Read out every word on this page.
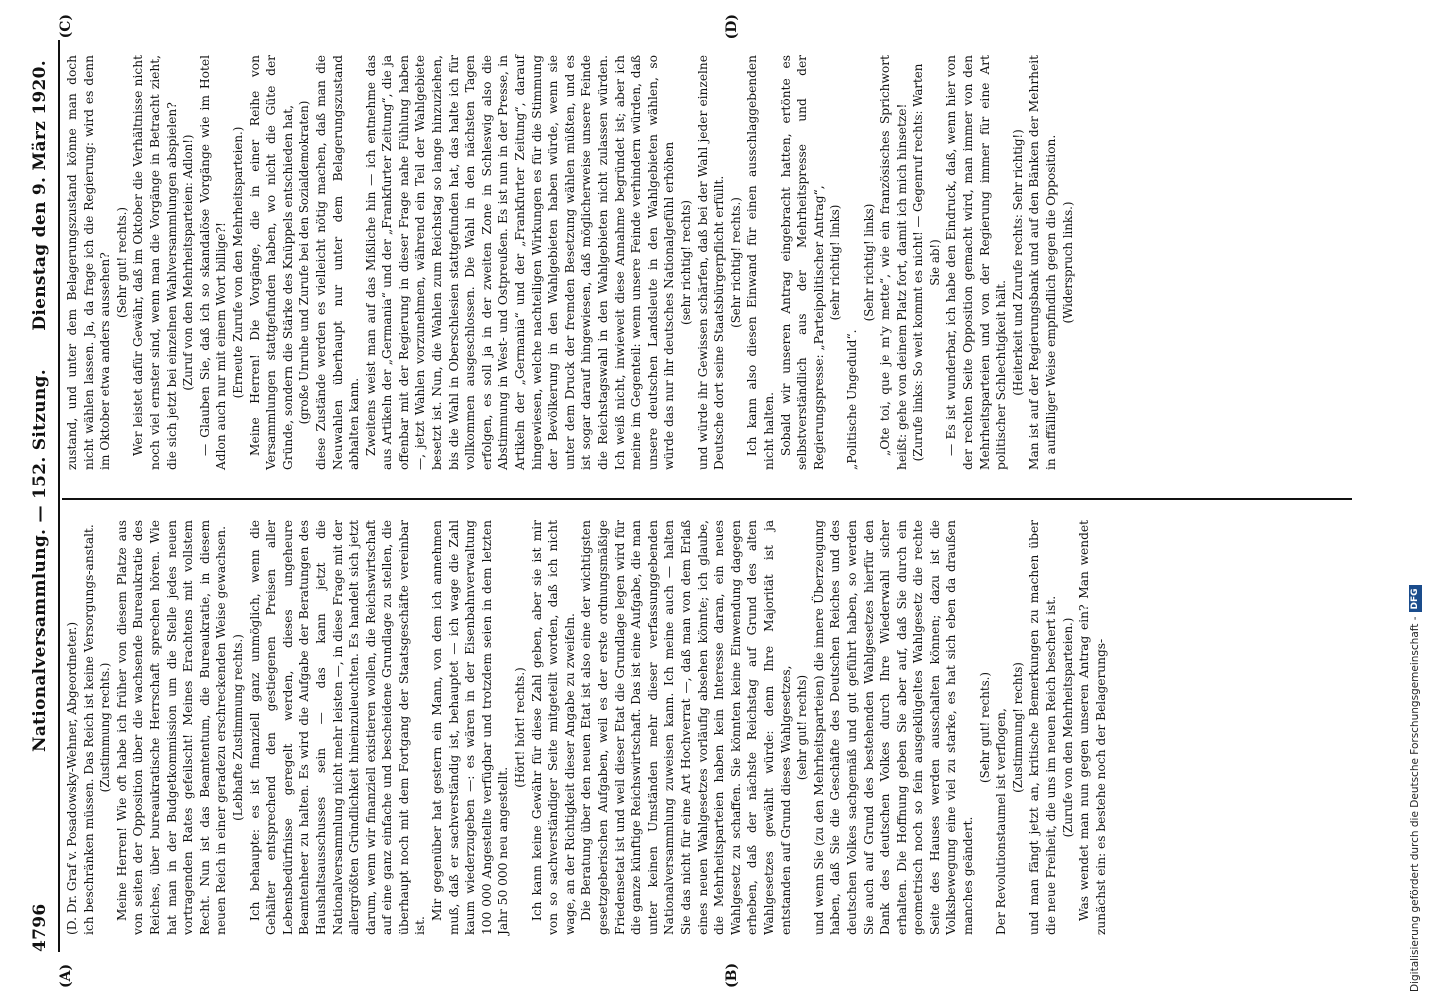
4796
Nationalversammlung. — 152. Sitzung.
Dienstag den 9. März 1920.
(A)	(B)
(C)	(D)

(D. Dr. Graf v. Posadowsky-Wehner, Abgeordneter.) ich beschränken müssen. Das Reich ist keine Versorgungs-anstalt. (Zustimmung rechts.) Meine Herren! Wie oft habe ich früher von diesem Platze aus von seiten der Opposition über die wachsende Bureaukratie des Reiches, über bureaukratische Herrschaft sprechen hören. Wie hat man in der Budgetkommission um die Stelle jedes neuen vortragenden Rates gefeilscht! Meines Erachtens mit vollstem Recht. Nun ist das Beamtentum, die Bureaukratie, in diesem neuen Reich in einer geradezu erschreckenden Weise gewachsen. (Lebhafte Zustimmung rechts.) Ich behaupte: es ist finanziell ganz unmöglich, wenn die Gehälter entsprechend den gestiegenen Preisen aller Lebensbedürfnisse geregelt werden, dieses ungeheure Beamtenheer zu halten. Es wird die Aufgabe der Beratungen des Haushaltsausschusses sein — das kann jetzt die Nationalversammlung nicht mehr leisten —, in diese Frage mit der allergrößten Gründlichkeit hineinzuleuchten. Es handelt sich jetzt darum, wenn wir finanziell existieren wollen, die Reichswirtschaft auf eine ganz einfache und bescheidene Grundlage zu stellen, die überhaupt noch mit dem Fortgang der Staatsgeschäfte vereinbar ist.

Mir gegenüber hat gestern ein Mann, von dem ich annehmen muß, daß er sachverständig ist, behauptet — ich wage die Zahl kaum wiederzugeben —: es wären in der Eisenbahnverwaltung 100 000 Angestellte verfügbar und trotzdem seien in dem letzten Jahr 50 000 neu angestellt.

(Hört! hört! rechts.) Ich kann keine Gewähr für diese Zahl geben, aber sie ist mir von so sachverständiger Seite mitgeteilt worden, daß ich nicht wage, an der Richtigkeit dieser Angabe zu zweifeln. Die Beratung über den neuen Etat ist also eine der wichtigsten gesetzgeberischen Aufgaben, weil es der erste ordnungsmäßige Friedensetat ist und weil dieser Etat die Grundlage legen wird für die ganze künftige Reichswirtschaft. Das ist eine Aufgabe, die man unter keinen Umständen mehr dieser verfassunggebenden Nationalversammlung zuweisen kann. Ich meine auch — halten Sie das nicht für eine Art Hochverrat —, daß man von dem Erlaß eines neuen Wahlgesetzes vorläufig absehen könnte; ich glaube, die Mehrheitsparteien haben kein Interesse daran, ein neues Wahlgesetz zu schaffen. Sie könnten keine Einwendung dagegen erheben, daß der nächste Reichstag auf Grund des alten Wahlgesetzes gewählt würde: denn Ihre Majorität ist ja entstanden auf Grund dieses Wahlgesetzes, (sehr gut! rechts) und wenn Sie (zu den Mehrheitsparteien) die innere Überzeugung haben, daß Sie die Geschäfte des Deutschen Reiches und des deutschen Volkes sachgemäß und gut geführt haben, so werden Sie auch auf Grund des bestehenden Wahlgesetzes hierfür den Dank des deutschen Volkes durch Ihre Wiederwahl sicher erhalten. Die Hoffnung geben Sie aber auf, daß Sie durch ein geometrisch noch so fein ausgeklügeltes Wahlgesetz die rechte Seite des Hauses werden ausschalten können; dazu ist die Volksbewegung eine viel zu starke, es hat sich eben da draußen manches geändert.

(Sehr gut! rechts.) Der Revolutionstaumel ist verflogen, (Zustimmung! rechts) und man fängt jetzt an, kritische Bemerkungen zu machen über die neue Freiheit, die uns im neuen Reich beschert ist. (Zurufe von den Mehrheitsparteien.) Was wendet man nun gegen unseren Antrag ein? Man wendet zunächst ein: es bestehe noch der Belagerungs-

zustand, und unter dem Belagerungszustand könne man doch nicht wählen lassen. Ja, da frage ich die Regierung: wird es denn im Oktober etwa anders aussehen? (Sehr gut! rechts.) Wer leistet dafür Gewähr, daß im Oktober die Verhältnisse nicht noch viel ernster sind, wenn man die Vorgänge in Betracht zieht, die sich jetzt bei einzelnen Wahlversammlungen abspielen? (Zuruf von den Mehrheitsparteien: Adlon!) — Glauben Sie, daß ich so skandalöse Vorgänge wie im Hotel Adlon auch nur mit einem Wort billige?! (Erneute Zurufe von den Mehrheitsparteien.) Meine Herren! Die Vorgänge, die in einer Reihe von Versammlungen stattgefunden haben, wo nicht die Güte der Gründe, sondern die Stärke des Knüppels entschieden hat, (große Unruhe und Zurufe bei den Sozialdemokraten) diese Zustände werden es vielleicht nötig machen, daß man die Neuwahlen überhaupt nur unter dem Belagerungszustand abhalten kann. Zweitens weist man auf das Mißliche hin — ich entnehme das aus Artikeln der „Germania“ und der „Frankfurter Zeitung“, die ja offenbar mit der Regierung in dieser Frage nahe Fühlung haben —, jetzt Wahlen vorzunehmen, während ein Teil der Wahlgebiete besetzt ist. Nun, die Wahlen zum Reichstag so lange hinzuziehen, bis die Wahl in Oberschlesien stattgefunden hat, das halte ich für vollkommen ausgeschlossen. Die Wahl in den nächsten Tagen erfolgen, es soll ja in der zweiten Zone in Schleswig also die Abstimmung in West- und Ostpreußen. Es ist nun in der Presse, in Artikeln der „Germania“ und der „Frankfurter Zeitung“, darauf hingewiesen, welche nachteiligen Wirkungen es für die Stimmung der Bevölkerung in den Wahlgebieten haben würde, wenn sie unter dem Druck der fremden Besetzung wählen müßten, und es ist sogar darauf hingewiesen, daß möglicherweise unsere Feinde die Reichstagswahl in den Wahlgebieten nicht zulassen würden. Ich weiß nicht, inwieweit diese Annahme begründet ist; aber ich meine im Gegenteil: wenn unsere Feinde verhindern würden, daß unsere deutschen Landsleute in den Wahlgebieten wählen, so würde das nur ihr deutsches Nationalgefühl erhöhen (sehr richtig! rechts) und würde ihr Gewissen schärfen, daß bei der Wahl jeder einzelne Deutsche dort seine Staatsbürgerpflicht erfüllt. (Sehr richtig! rechts.) Ich kann also diesen Einwand für einen ausschlaggebenden nicht halten. Sobald wir unseren Antrag eingebracht hatten, ertönte es selbstverständlich aus der Mehrheitspresse und der Regierungspresse: „Parteipolitischer Antrag“, (sehr richtig! links)

„Politische Ungeduld“.

(Sehr richtig! links) „Ote toi, que je m'y mette“, wie ein französisches Sprichwort heißt: gehe von deinem Platz fort, damit ich mich hinsetze! (Zurufe links: So weit kommt es nicht! — Gegenruf rechts: Warten Sie ab!) — Es ist wunderbar, ich habe den Eindruck, daß, wenn hier von der rechten Seite Opposition gemacht wird, man immer von den Mehrheitsparteien und von der Regierung immer für eine Art politischer Schlechtigkeit hält. (Heiterkeit und Zurufe rechts: Sehr richtig!) Man ist auf der Regierungsbank und auf den Bänken der Mehrheit in auffälliger Weise empfindlich gegen die Opposition. (Widerspruch links.)

Digitalisierung gefördert durch die Deutsche Forschungsgemeinschaft -DFG
